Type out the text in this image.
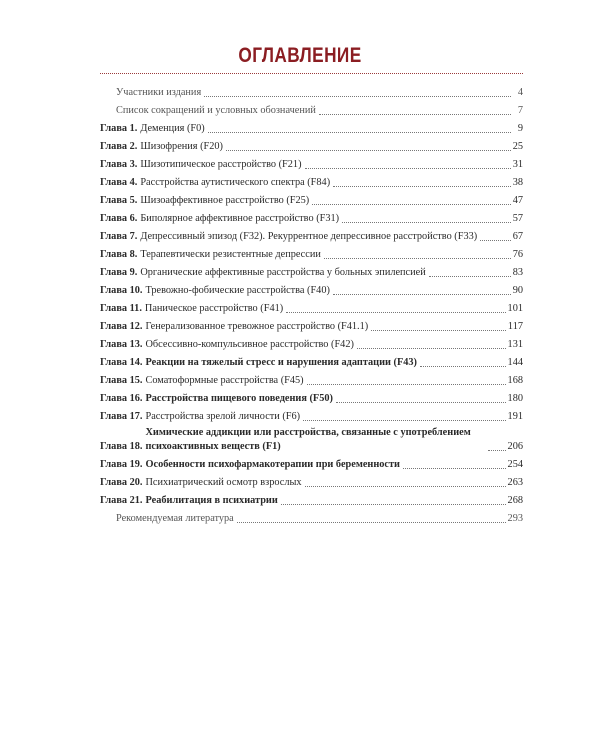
ОГЛАВЛЕНИЕ
Участники издания	4
Список сокращений и условных обозначений	7
Глава 1. Деменция (F0)	9
Глава 2. Шизофрения (F20)	25
Глава 3. Шизотипическое расстройство (F21)	31
Глава 4. Расстройства аутистического спектра (F84)	38
Глава 5. Шизоаффективное расстройство (F25)	47
Глава 6. Биполярное аффективное расстройство (F31)	57
Глава 7. Депрессивный эпизод (F32). Рекуррентное депрессивное расстройство (F33)	67
Глава 8. Терапевтически резистентные депрессии	76
Глава 9. Органические аффективные расстройства у больных эпилепсией	83
Глава 10. Тревожно-фобические расстройства (F40)	90
Глава 11. Паническое расстройство (F41)	101
Глава 12. Генерализованное тревожное расстройство (F41.1)	117
Глава 13. Обсессивно-компульсивное расстройство (F42)	131
Глава 14. Реакции на тяжелый стресс и нарушения адаптации (F43)	144
Глава 15. Соматоформные расстройства (F45)	168
Глава 16. Расстройства пищевого поведения (F50)	180
Глава 17. Расстройства зрелой личности (F6)	191
Глава 18.
Химические аддикции или расстройства, связанные с употреблением психоактивных веществ (F1)	206
Глава 19. Особенности психофармакотерапии при беременности	254
Глава 20. Психиатрический осмотр взрослых	263
Глава 21. Реабилитация в психиатрии	268
Рекомендуемая литература	293
